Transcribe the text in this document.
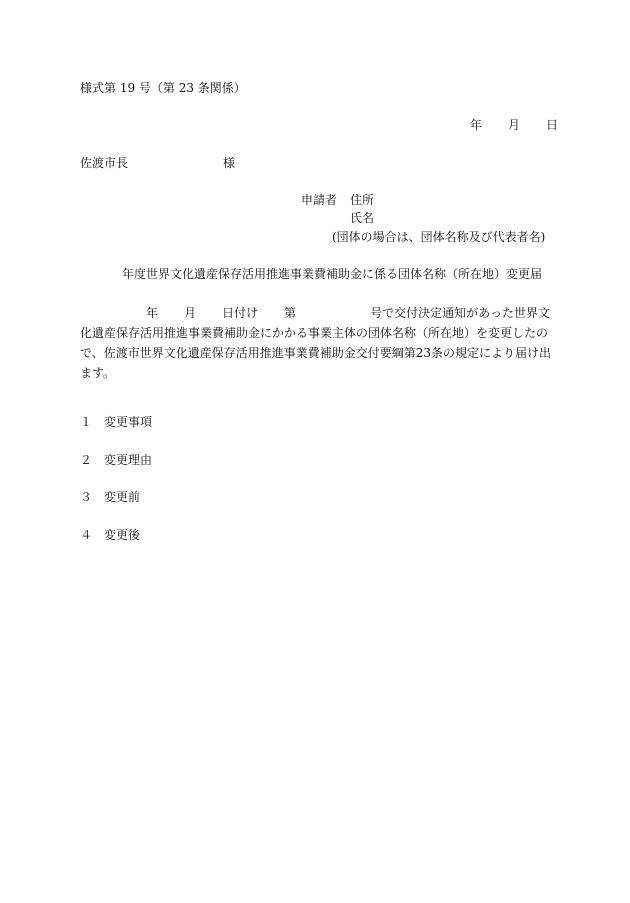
様式第 19 号（第 23 条関係）
年 月 日
佐渡市長	様
申請者 住所
氏名
(団体の場合は、団体名称及び代表者名)
年度世界文化遺産保存活用推進事業費補助金に係る団体名称（所在地）変更届
年 月 日付け 第	号で交付決定通知があった世界文
化遺産保存活用推進事業費補助金にかかる事業主体の団体名称（所在地）を変更したの
で、佐渡市世界文化遺産保存活用推進事業費補助金交付要綱第23条の規定により届け出
ます。
１ 変更事項
２ 変更理由
３ 変更前
４ 変更後
